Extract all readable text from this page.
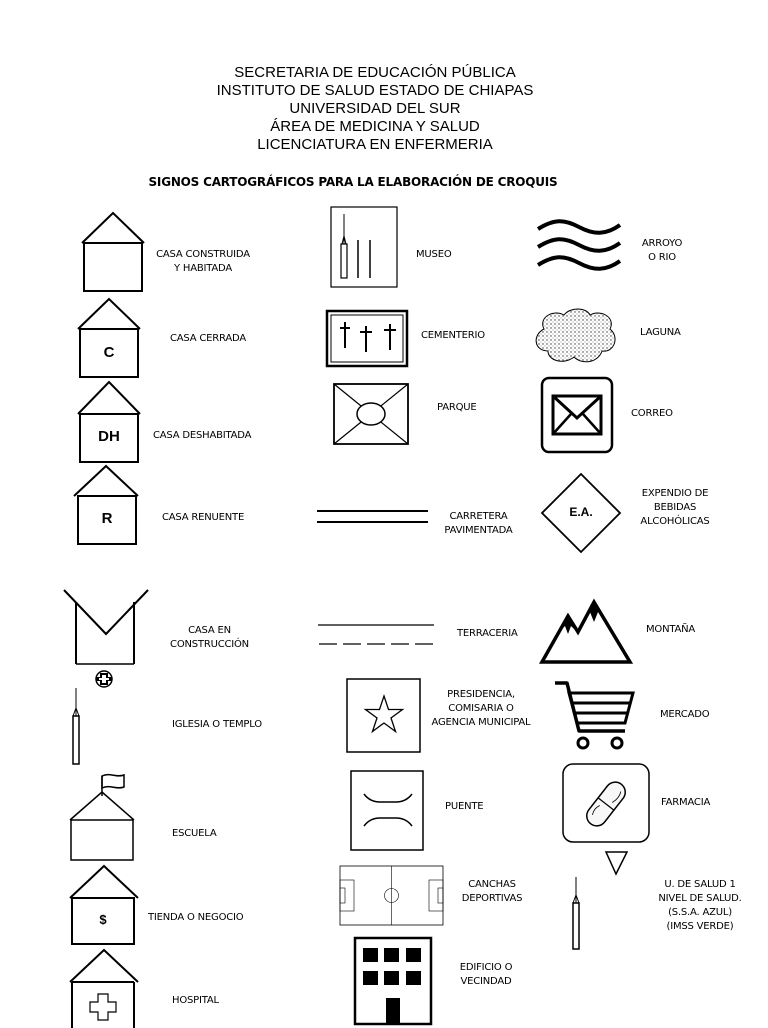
SECRETARIA DE EDUCACIÓN PÚBLICA
INSTITUTO DE SALUD ESTADO DE CHIAPAS
UNIVERSIDAD DEL SUR
ÁREA DE MEDICINA Y SALUD
LICENCIATURA EN ENFERMERIA
SIGNOS CARTOGRÁFICOS PARA LA ELABORACIÓN DE CROQUIS
CASA CONSTRUIDA
Y HABITADA
C
CASA CERRADA
DH	CASA DESHABITADA
R	CASA RENUENTE
CASA EN
CONSTRUCCIÓN
IGLESIA O TEMPLO
ESCUELA
$	TIENDA O NEGOCIO
HOSPITAL
MUSEO
CEMENTERIO
PARQUE
CARRETERA
PAVIMENTADA
TERRACERIA
PRESIDENCIA,
COMISARIA O
AGENCIA MUNICIPAL
PUENTE
CANCHAS
DEPORTIVAS
EDIFICIO O
VECINDAD
ARROYO
O RIO
LAGUNA
CORREO
E.A.
EXPENDIO DE
BEBIDAS
ALCOHÓLICAS
MONTAÑA
MERCADO
FARMACIA
U. DE SALUD 1
NIVEL DE SALUD.
(S.S.A. AZUL)
(IMSS VERDE)
